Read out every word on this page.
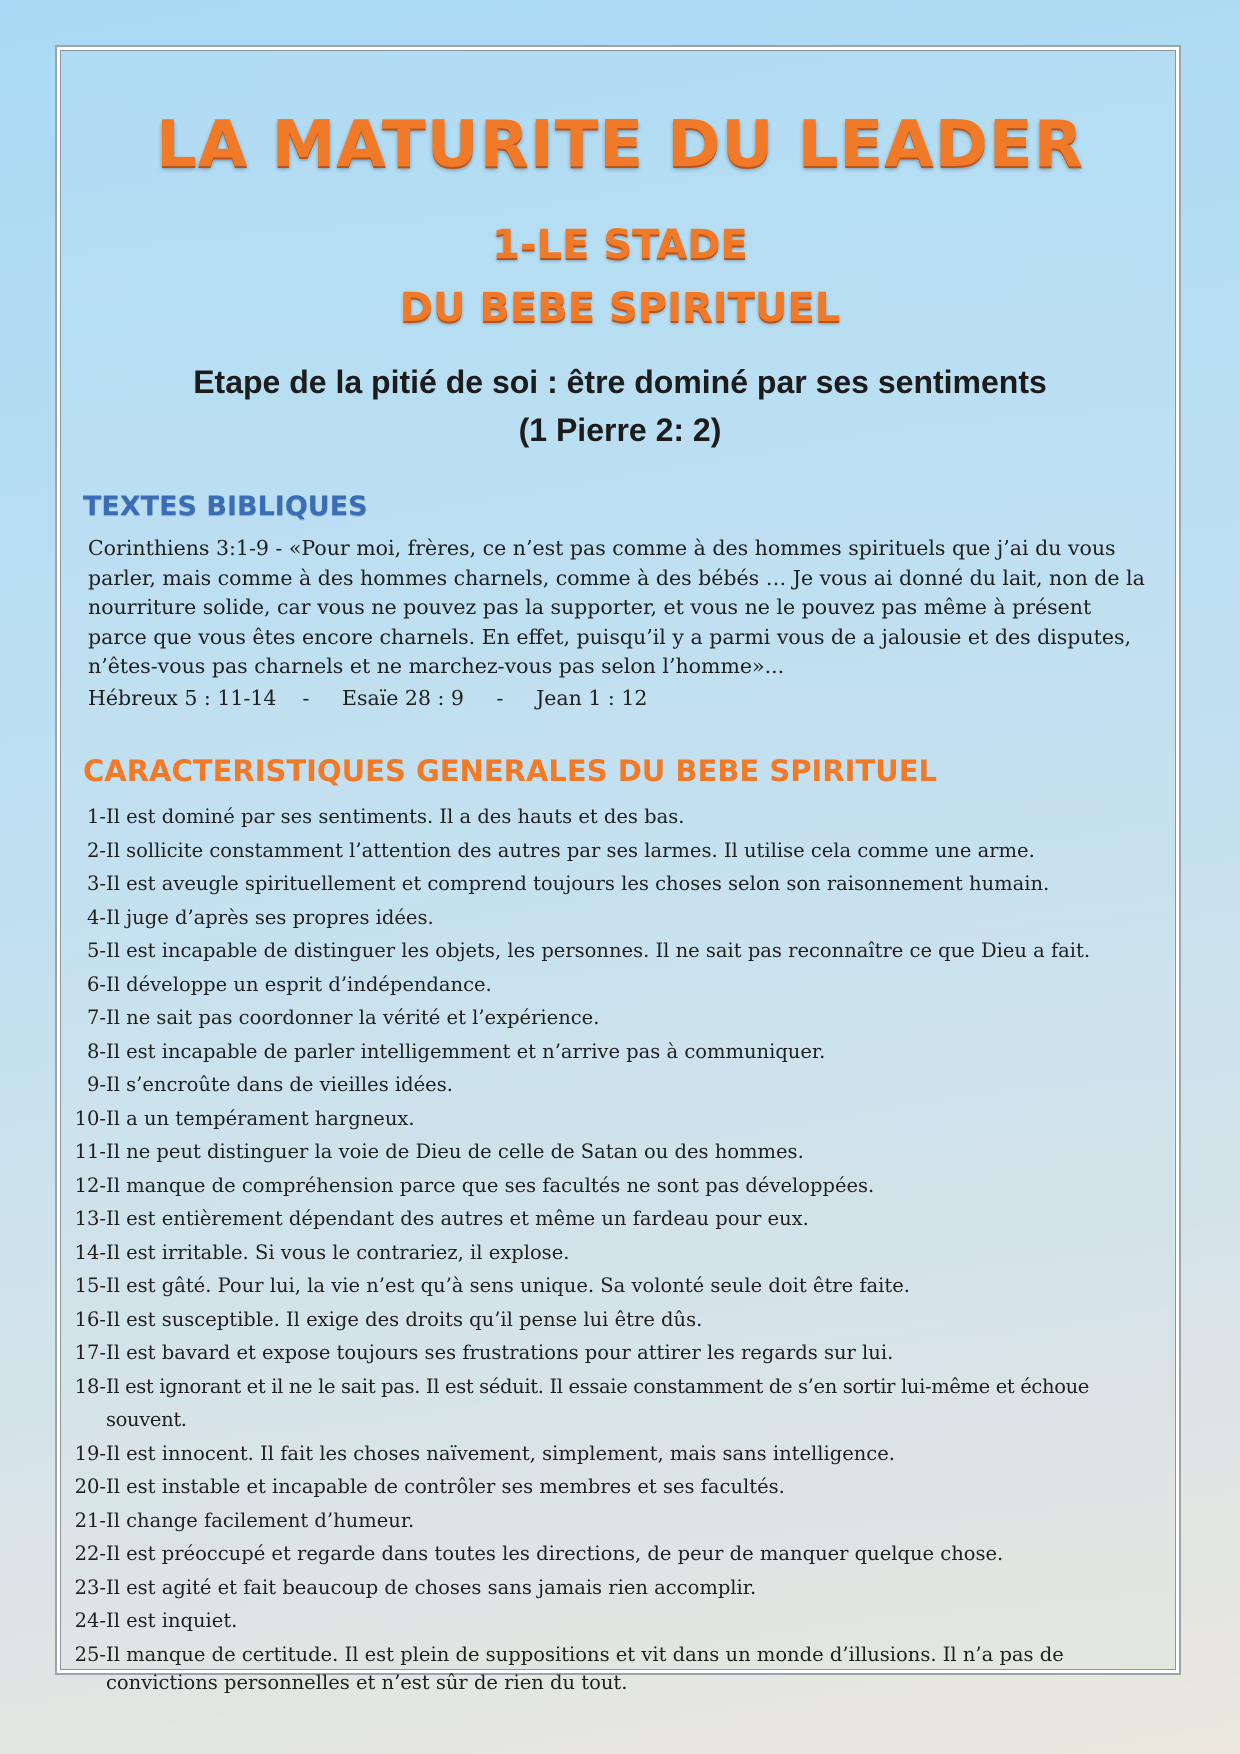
LA MATURITE DU LEADER
1-LE STADE
DU BEBE SPIRITUEL

Etape de la pitié de soi : être dominé par ses sentiments

(1 Pierre 2: 2)

TEXTES BIBLIQUES

Corinthiens 3:1-9 - «Pour moi, frères, ce n’est pas comme à des hommes spirituels que j’ai du vous parler, mais comme à des hommes charnels, comme à des bébés … Je vous ai donné du lait, non de la nourriture solide, car vous ne pouvez pas la supporter, et vous ne le pouvez pas même à présent parce que vous êtes encore charnels. En effet, puisqu’il y a parmi vous de a jalousie et des disputes, n’êtes-vous pas charnels et ne marchez-vous pas selon l’homme»...

Hébreux 5 : 11-14    -     Esaïe 28 : 9     -     Jean 1 : 12

CARACTERISTIQUES GENERALES DU BEBE SPIRITUEL
1- Il est dominé par ses sentiments. Il a des hauts et des bas.
2- Il sollicite constamment l’attention des autres par ses larmes. Il utilise cela comme une arme.
3- Il est aveugle spirituellement et comprend toujours les choses selon son raisonnement humain.
4- Il juge d’après ses propres idées.
5- Il est incapable de distinguer les objets, les personnes. Il ne sait pas reconnaître ce que Dieu a fait.
6- Il développe un esprit d’indépendance.
7- Il ne sait pas coordonner la vérité et l’expérience.
8- Il est incapable de parler intelligemment et n’arrive pas à communiquer.
9- Il s’encroûte dans de vieilles idées.
10- Il a un tempérament hargneux.
11- Il ne peut distinguer la voie de Dieu de celle de Satan ou des hommes.
12- Il manque de compréhension parce que ses facultés ne sont pas développées.
13- Il est entièrement dépendant des autres et même un fardeau pour eux.
14- Il est irritable. Si vous le contrariez, il explose.
15- Il est gâté. Pour lui, la vie n’est qu’à sens unique. Sa volonté seule doit être faite.
16- Il est susceptible. Il exige des droits qu’il pense lui être dûs.
17- Il est bavard et expose toujours ses frustrations pour attirer les regards sur lui.
18- Il est ignorant et il ne le sait pas. Il est séduit. Il essaie constamment de s’en sortir lui-même et échoue souvent.
19- Il est innocent. Il fait les choses naïvement, simplement, mais sans intelligence.
20- Il est instable et incapable de contrôler ses membres et ses facultés.
21- Il change facilement d’humeur.
22- Il est préoccupé et regarde dans toutes les directions, de peur de manquer quelque chose.
23- Il est agité et fait beaucoup de choses sans jamais rien accomplir.
24- Il est inquiet.
25- Il manque de certitude. Il est plein de suppositions et vit dans un monde d’illusions. Il n’a pas de convictions personnelles et n’est sûr de rien du tout.
